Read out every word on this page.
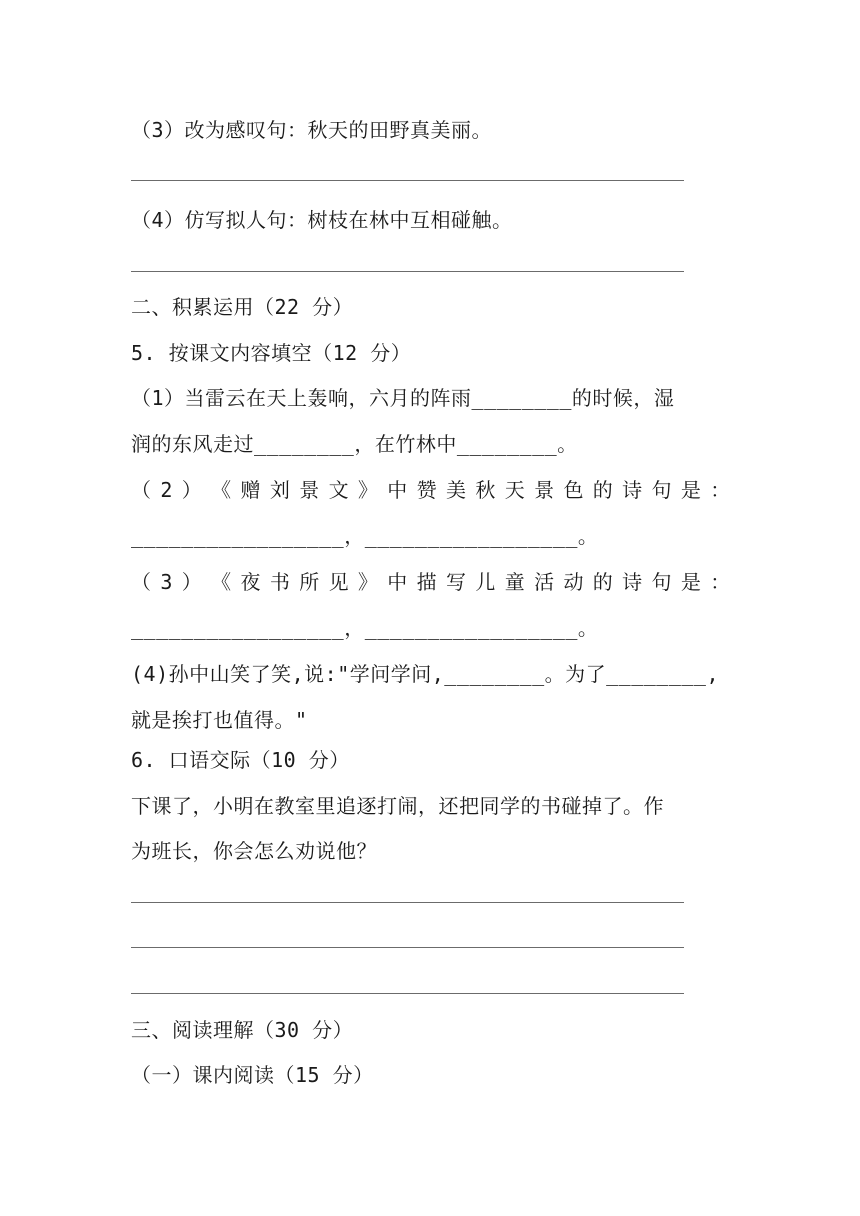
（3）改为感叹句：秋天的田野真美丽。
（4）仿写拟人句：树枝在林中互相碰触。
二、积累运用（22 分）
5. 按课文内容填空（12 分）
（1）当雷云在天上轰响，六月的阵雨________的时候，湿
润的东风走过________，在竹林中________。
（ 2 ） 《 赠 刘 景 文 》 中 赞 美 秋 天 景 色 的 诗 句 是 ：
_________________，_________________。
（ 3 ） 《 夜 书 所 见 》 中 描 写 儿 童 活 动 的 诗 句 是 ：
_________________，_________________。
(4)孙中山笑了笑,说:"学问学问,________。为了________,
就是挨打也值得。"
6. 口语交际（10 分）
下课了，小明在教室里追逐打闹，还把同学的书碰掉了。作
为班长，你会怎么劝说他？
三、阅读理解（30 分）
（一）课内阅读（15 分）
